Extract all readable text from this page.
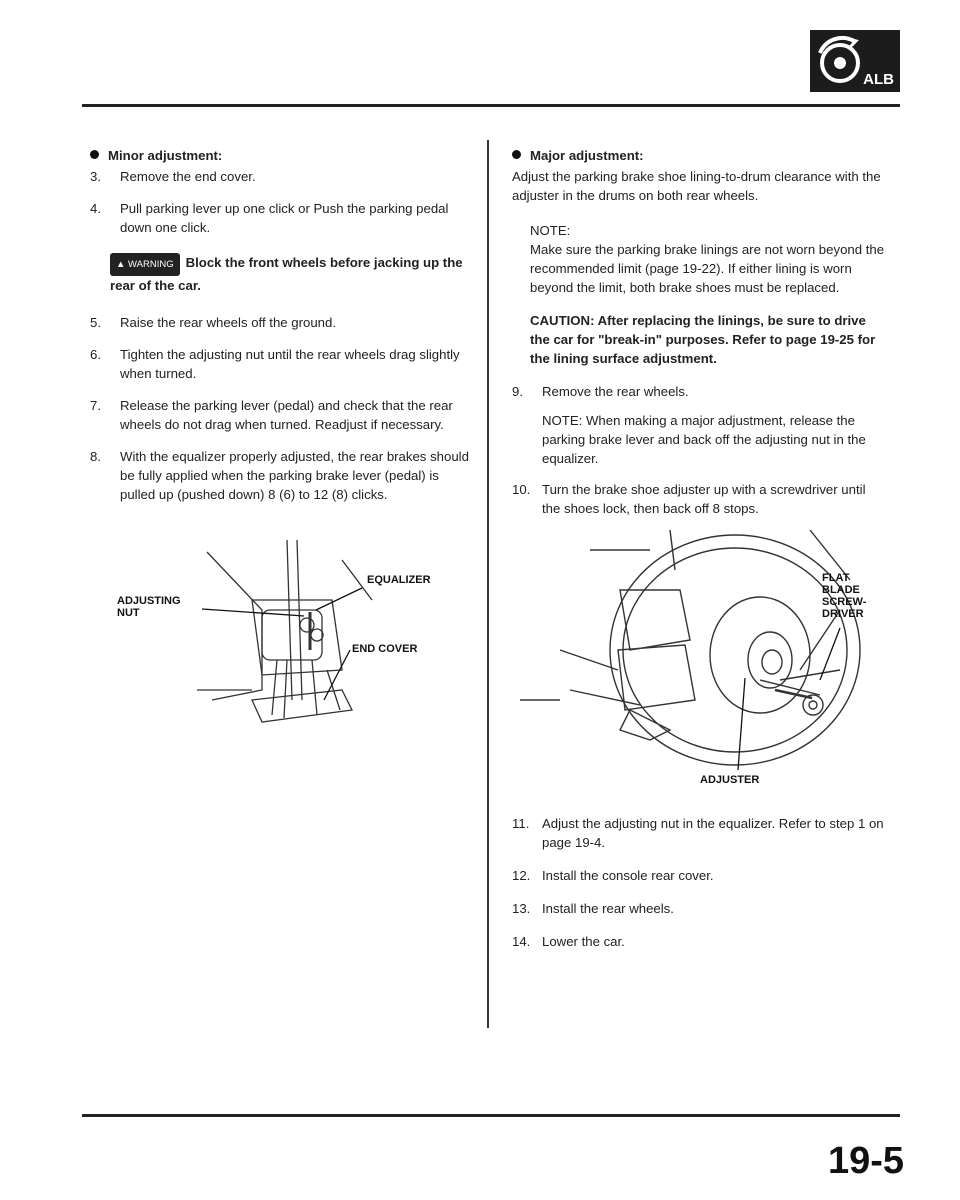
ALB
Minor adjustment:
3.	Remove the end cover.
4.	Pull parking lever up one click or Push the parking pedal down one click.
▲ WARNING Block the front wheels before jacking up the rear of the car.
5.	Raise the rear wheels off the ground.
6.	Tighten the adjusting nut until the rear wheels drag slightly when turned.
7.	Release the parking lever (pedal) and check that the rear wheels do not drag when turned. Readjust if necessary.
8.	With the equalizer properly adjusted, the rear brakes should be fully applied when the parking brake lever (pedal) is pulled up (pushed down) 8 (6) to 12 (8) clicks.
ADJUSTING
NUT
EQUALIZER
END COVER
Major adjustment:
Adjust the parking brake shoe lining-to-drum clearance with the adjuster in the drums on both rear wheels.
NOTE:
Make sure the parking brake linings are not worn beyond the recommended limit (page 19-22). If either lining is worn beyond the limit, both brake shoes must be replaced.
CAUTION: After replacing the linings, be sure to drive the car for "break-in" purposes. Refer to page 19-25 for the lining surface adjustment.
9.	Remove the rear wheels.
NOTE: When making a major adjustment, release the parking brake lever and back off the adjusting nut in the equalizer.
10. Turn the brake shoe adjuster up with a screwdriver until the shoes lock, then back off 8 stops.
FLAT
BLADE
SCREW-
DRIVER
ADJUSTER
11. Adjust the adjusting nut in the equalizer. Refer to step 1 on page 19-4.
12. Install the console rear cover.
13. Install the rear wheels.
14. Lower the car.
19-5
